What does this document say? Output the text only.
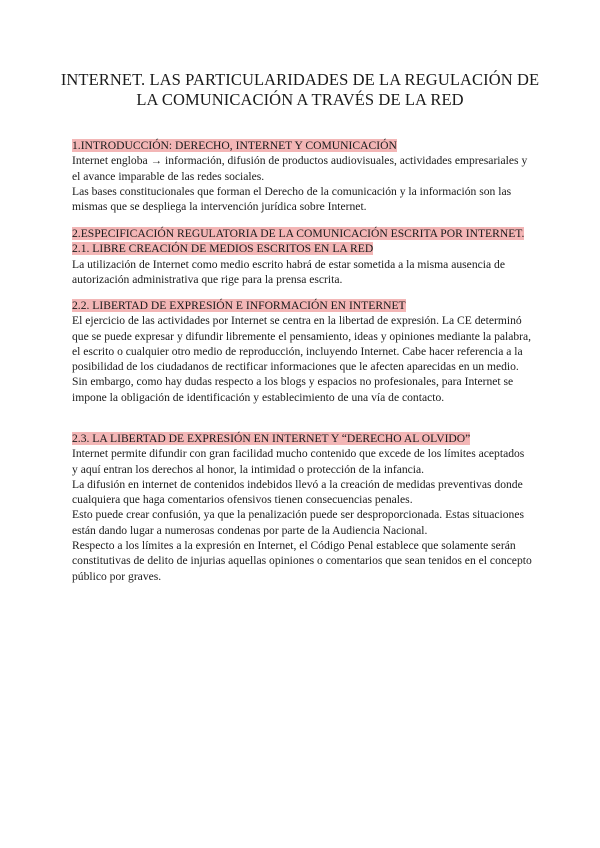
INTERNET. LAS PARTICULARIDADES DE LA REGULACIÓN DE
LA COMUNICACIÓN A TRAVÉS DE LA RED
1.INTRODUCCIÓN: DERECHO, INTERNET Y COMUNICACIÓN

Internet engloba → información, difusión de productos audiovisuales, actividades empresariales y el avance imparable de las redes sociales.

Las bases constitucionales que forman el Derecho de la comunicación y la información son las mismas que se despliega la intervención jurídica sobre Internet.

2.ESPECIFICACIÓN REGULATORIA DE LA COMUNICACIÓN ESCRITA POR INTERNET.
2.1. LIBRE CREACIÓN DE MEDIOS ESCRITOS EN LA RED

La utilización de Internet como medio escrito habrá de estar sometida a la misma ausencia de autorización administrativa que rige para la prensa escrita.

2.2. LIBERTAD DE EXPRESIÓN E INFORMACIÓN EN INTERNET

El ejercicio de las actividades por Internet se centra en la libertad de expresión. La CE determinó que se puede expresar y difundir libremente el pensamiento, ideas y opiniones mediante la palabra, el escrito o cualquier otro medio de reproducción, incluyendo Internet. Cabe hacer referencia a la posibilidad de los ciudadanos de rectificar informaciones que le afecten aparecidas en un medio. Sin embargo, como hay dudas respecto a los blogs y espacios no profesionales, para Internet se impone la obligación de identificación y establecimiento de una vía de contacto.

2.3. LA LIBERTAD DE EXPRESIÓN EN INTERNET Y “DERECHO AL OLVIDO”

Internet permite difundir con gran facilidad mucho contenido que excede de los límites aceptados y aquí entran los derechos al honor, la intimidad o protección de la infancia.

La difusión en internet de contenidos indebidos llevó a la creación de medidas preventivas donde cualquiera que haga comentarios ofensivos tienen consecuencias penales.

Esto puede crear confusión, ya que la penalización puede ser desproporcionada. Estas situaciones están dando lugar a numerosas condenas por parte de la Audiencia Nacional.

Respecto a los límites a la expresión en Internet, el Código Penal establece que solamente serán constitutivas de delito de injurias aquellas opiniones o comentarios que sean tenidos en el concepto público por graves.
